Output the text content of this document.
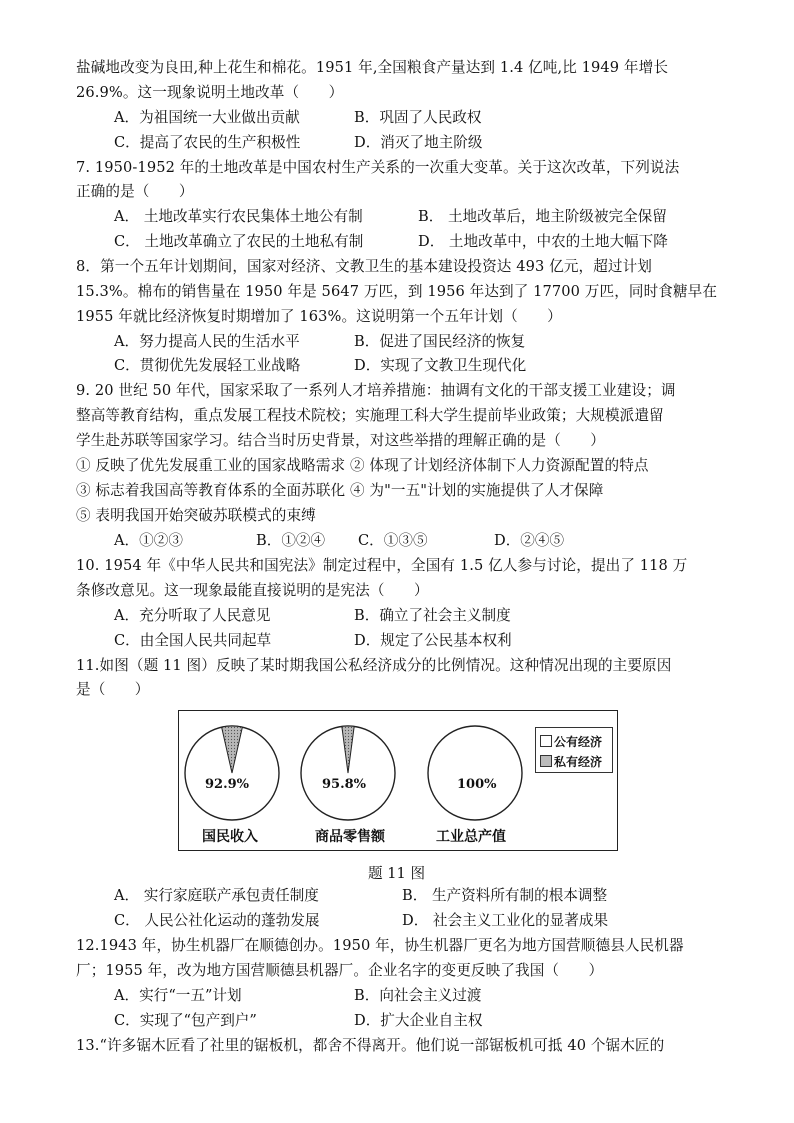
盐碱地改变为良田,种上花生和棉花。1951 年,全国粮食产量达到 1.4 亿吨,比 1949 年增长
26.9%。这一现象说明土地改革（　　）
A．为祖国统一大业做出贡献	B．巩固了人民政权
C．提高了农民的生产积极性	D．消灭了地主阶级
7. 1950-1952 年的土地改革是中国农村生产关系的一次重大变革。关于这次改革，下列说法
正确的是（　　）
A． 土地改革实行农民集体土地公有制	B． 土地改革后，地主阶级被完全保留
C． 土地改革确立了农民的土地私有制	D． 土地改革中，中农的土地大幅下降
8．第一个五年计划期间，国家对经济、文教卫生的基本建设投资达 493 亿元，超过计划
15.3%。棉布的销售量在 1950 年是 5647 万匹，到 1956 年达到了 17700 万匹，同时食糖早在
1955 年就比经济恢复时期增加了 163%。这说明第一个五年计划（　　）
A．努力提高人民的生活水平	B．促进了国民经济的恢复
C．贯彻优先发展轻工业战略	D．实现了文教卫生现代化
9. 20 世纪 50 年代，国家采取了一系列人才培养措施：抽调有文化的干部支援工业建设；调
整高等教育结构，重点发展工程技术院校；实施理工科大学生提前毕业政策；大规模派遣留
学生赴苏联等国家学习。结合当时历史背景，对这些举措的理解正确的是（　　）
① 反映了优先发展重工业的国家战略需求 ② 体现了计划经济体制下人力资源配置的特点
③ 标志着我国高等教育体系的全面苏联化 ④ 为"一五"计划的实施提供了人才保障
⑤ 表明我国开始突破苏联模式的束缚
A．①②③	B．①②④ C．①③⑤	D．②④⑤
10. 1954 年《中华人民共和国宪法》制定过程中，全国有 1.5 亿人参与讨论，提出了 118 万
条修改意见。这一现象最能直接说明的是宪法（　　）
A．充分听取了人民意见	B．确立了社会主义制度
C．由全国人民共同起草	D．规定了公民基本权利
11.如图（题 11 图）反映了某时期我国公私经济成分的比例情况。这种情况出现的主要原因
是（　　）
92.9%	95.8%	100%
国民收入	商品零售额	工业总产值
公有经济
私有经济
题 11 图
A． 实行家庭联产承包责任制度	B． 生产资料所有制的根本调整
C． 人民公社化运动的蓬勃发展	D． 社会主义工业化的显著成果
12.1943 年，协生机器厂在顺德创办。1950 年，协生机器厂更名为地方国营顺德县人民机器
厂；1955 年，改为地方国营顺德县机器厂。企业名字的变更反映了我国（　　）
A．实行“一五”计划	B．向社会主义过渡
C．实现了“包产到户”	D．扩大企业自主权
13.“许多锯木匠看了社里的锯板机，都舍不得离开。他们说一部锯板机可抵 40 个锯木匠的
